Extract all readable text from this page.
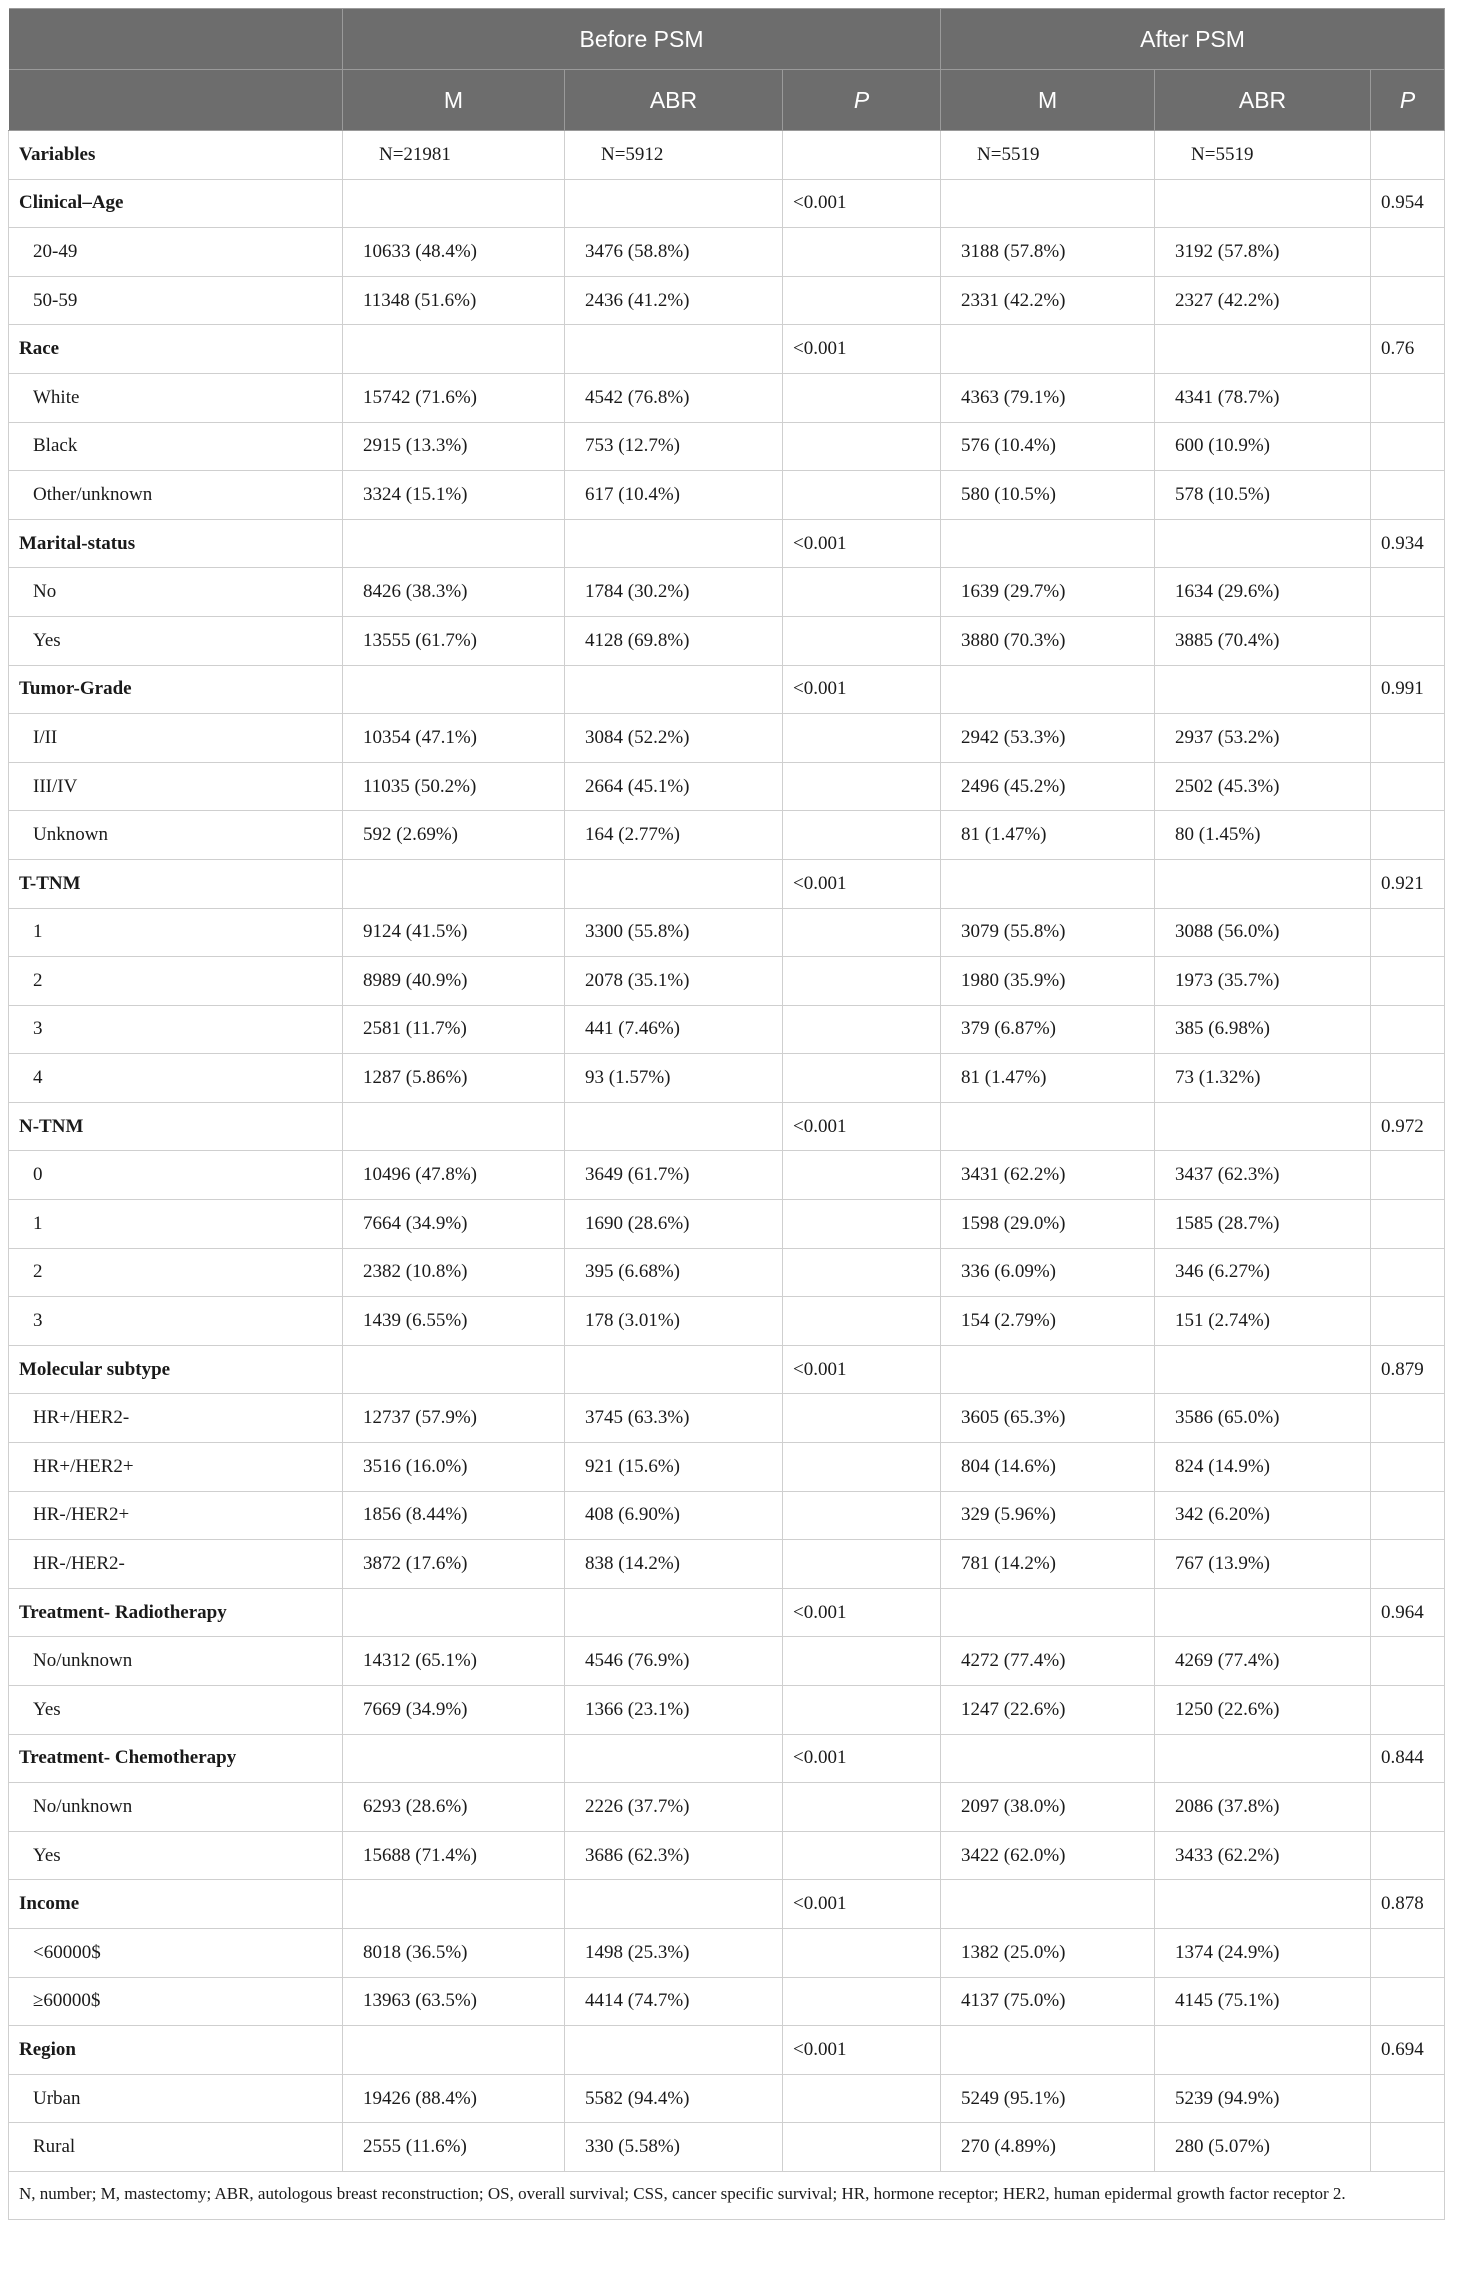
	Before PSM			After PSM		
	M	ABR	P	M	ABR	P
Variables	N=21981	N=5912		N=5519	N=5519	
Clinical–Age			<0.001			0.954
20-49	10633 (48.4%)	3476 (58.8%)		3188 (57.8%)	3192 (57.8%)	
50-59	11348 (51.6%)	2436 (41.2%)		2331 (42.2%)	2327 (42.2%)	
Race			<0.001			0.76
White	15742 (71.6%)	4542 (76.8%)		4363 (79.1%)	4341 (78.7%)	
Black	2915 (13.3%)	753 (12.7%)		576 (10.4%)	600 (10.9%)	
Other/unknown	3324 (15.1%)	617 (10.4%)		580 (10.5%)	578 (10.5%)	
Marital-status			<0.001			0.934
No	8426 (38.3%)	1784 (30.2%)		1639 (29.7%)	1634 (29.6%)	
Yes	13555 (61.7%)	4128 (69.8%)		3880 (70.3%)	3885 (70.4%)	
Tumor-Grade			<0.001			0.991
I/II	10354 (47.1%)	3084 (52.2%)		2942 (53.3%)	2937 (53.2%)	
III/IV	11035 (50.2%)	2664 (45.1%)		2496 (45.2%)	2502 (45.3%)	
Unknown	592 (2.69%)	164 (2.77%)		81 (1.47%)	80 (1.45%)	
T-TNM			<0.001			0.921
1	9124 (41.5%)	3300 (55.8%)		3079 (55.8%)	3088 (56.0%)	
2	8989 (40.9%)	2078 (35.1%)		1980 (35.9%)	1973 (35.7%)	
3	2581 (11.7%)	441 (7.46%)		379 (6.87%)	385 (6.98%)	
4	1287 (5.86%)	93 (1.57%)		81 (1.47%)	73 (1.32%)	
N-TNM			<0.001			0.972
0	10496 (47.8%)	3649 (61.7%)		3431 (62.2%)	3437 (62.3%)	
1	7664 (34.9%)	1690 (28.6%)		1598 (29.0%)	1585 (28.7%)	
2	2382 (10.8%)	395 (6.68%)		336 (6.09%)	346 (6.27%)	
3	1439 (6.55%)	178 (3.01%)		154 (2.79%)	151 (2.74%)	
Molecular subtype			<0.001			0.879
HR+/HER2-	12737 (57.9%)	3745 (63.3%)		3605 (65.3%)	3586 (65.0%)	
HR+/HER2+	3516 (16.0%)	921 (15.6%)		804 (14.6%)	824 (14.9%)	
HR-/HER2+	1856 (8.44%)	408 (6.90%)		329 (5.96%)	342 (6.20%)	
HR-/HER2-	3872 (17.6%)	838 (14.2%)		781 (14.2%)	767 (13.9%)	
Treatment- Radiotherapy			<0.001			0.964
No/unknown	14312 (65.1%)	4546 (76.9%)		4272 (77.4%)	4269 (77.4%)	
Yes	7669 (34.9%)	1366 (23.1%)		1247 (22.6%)	1250 (22.6%)	
Treatment- Chemotherapy			<0.001			0.844
No/unknown	6293 (28.6%)	2226 (37.7%)		2097 (38.0%)	2086 (37.8%)	
Yes	15688 (71.4%)	3686 (62.3%)		3422 (62.0%)	3433 (62.2%)	
Income			<0.001			0.878
<60000$	8018 (36.5%)	1498 (25.3%)		1382 (25.0%)	1374 (24.9%)	
≥60000$	13963 (63.5%)	4414 (74.7%)		4137 (75.0%)	4145 (75.1%)	
Region			<0.001			0.694
Urban	19426 (88.4%)	5582 (94.4%)		5249 (95.1%)	5239 (94.9%)	
Rural	2555 (11.6%)	330 (5.58%)		270 (4.89%)	280 (5.07%)	
N, number; M, mastectomy; ABR, autologous breast reconstruction; OS, overall survival; CSS, cancer specific survival; HR, hormone receptor; HER2, human epidermal growth factor receptor 2.						
